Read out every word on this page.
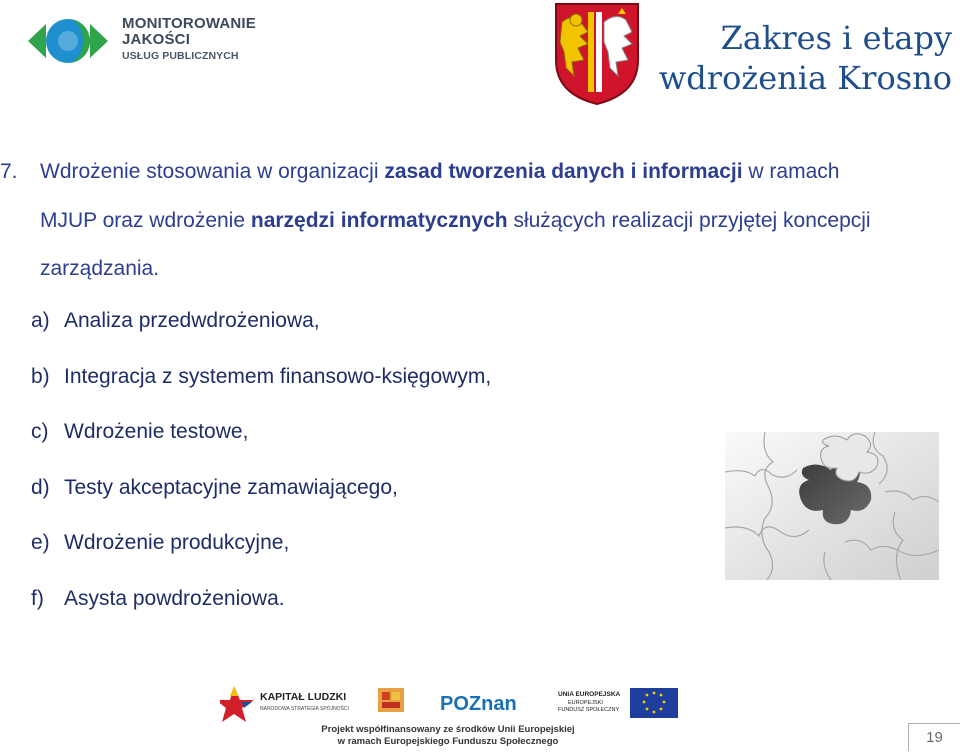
MONITOROWANIE
JAKOŚCI
USŁUG PUBLICZNYCH	Zakres i etapy
wdrożenia Krosno
7. Wdrożenie stosowania w organizacji zasad tworzenia danych i informacji w ramach MJUP oraz wdrożenie narzędzi informatycznych służących realizacji przyjętej koncepcji zarządzania.
a) Analiza przedwdrożeniowa,
b) Integracja z systemem finansowo-księgowym,
c) Wdrożenie testowe,
d) Testy akceptacyjne zamawiającego,
e) Wdrożenie produkcyjne,
f) Asysta powdrożeniowa.
KAPITAŁ LUDZKI
NARODOWA STRATEGIA SPÓJNOŚCI	POZnan	UNIA EUROPEJSKA
EUROPEJSKI
FUNDUSZ SPOŁECZNY
Projekt współfinansowany ze środków Unii Europejskiej
w ramach Europejskiego Funduszu Społecznego	19
